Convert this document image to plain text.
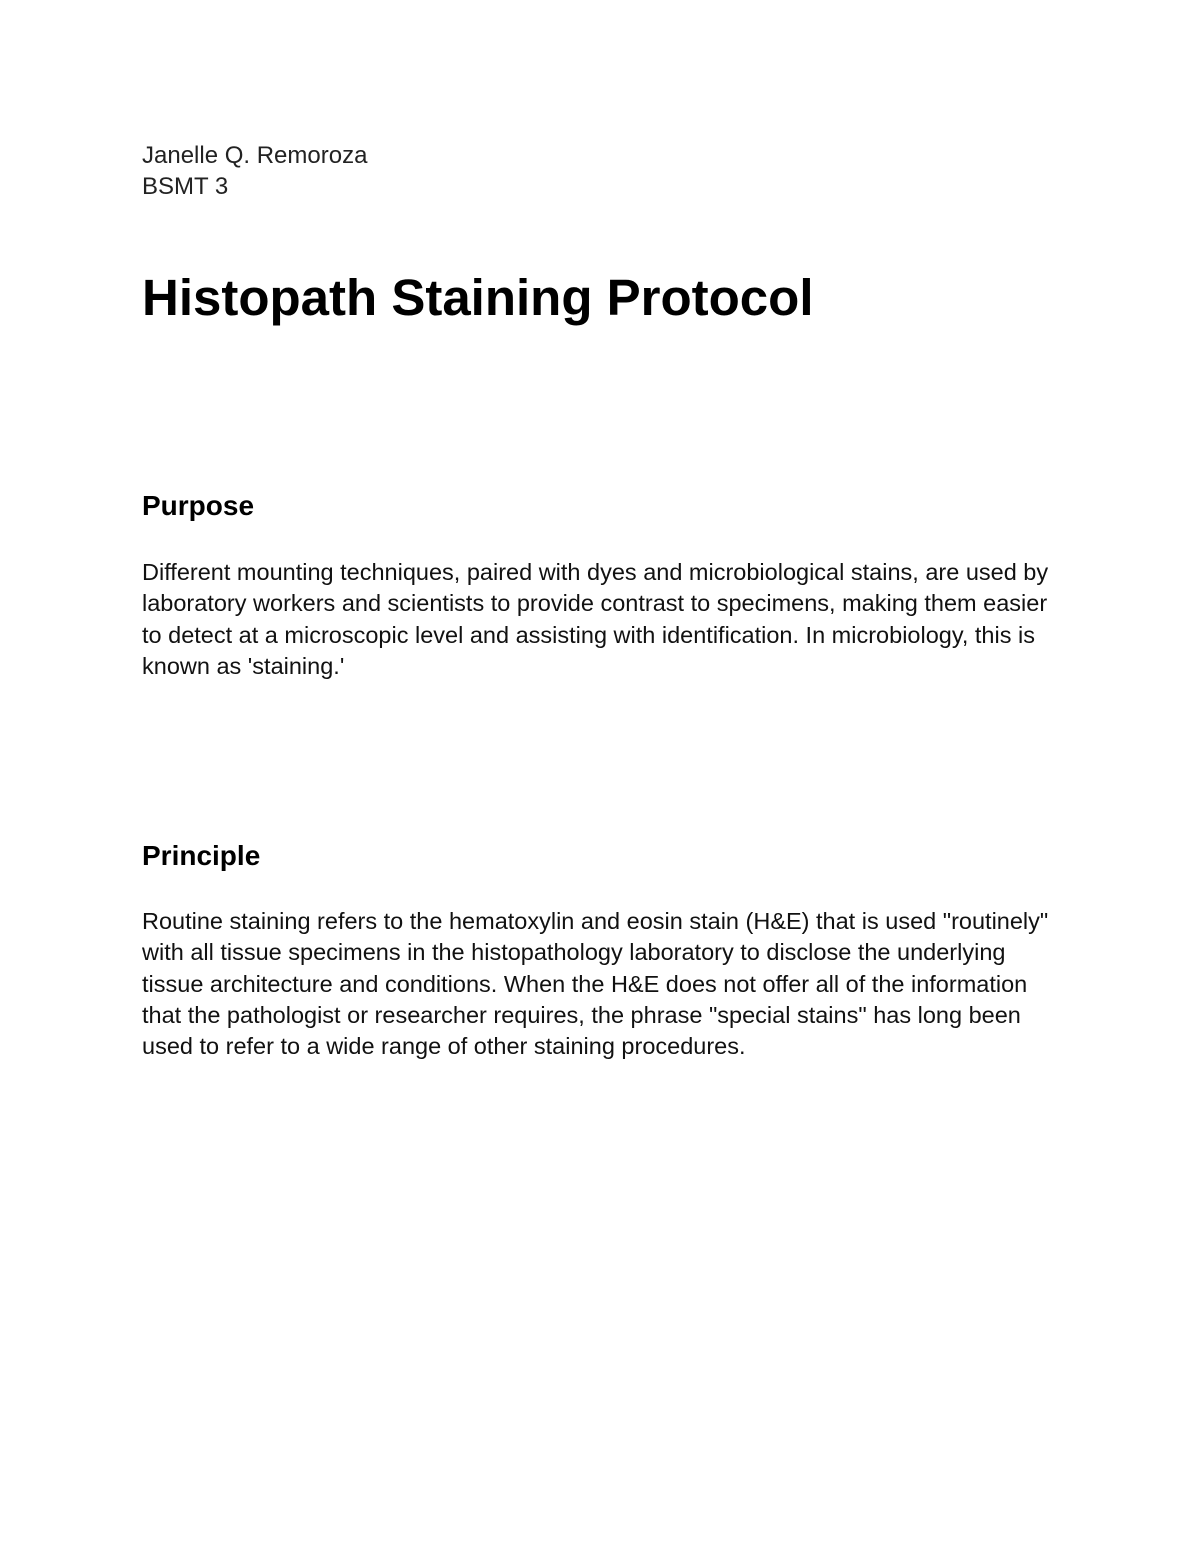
Janelle Q. Remoroza
BSMT 3
Histopath Staining Protocol
Purpose
Different mounting techniques, paired with dyes and microbiological stains, are used by
laboratory workers and scientists to provide contrast to specimens, making them easier
to detect at a microscopic level and assisting with identification. In microbiology, this is
known as 'staining.'
Principle
Routine staining refers to the hematoxylin and eosin stain (H&E) that is used "routinely"
with all tissue specimens in the histopathology laboratory to disclose the underlying
tissue architecture and conditions. When the H&E does not offer all of the information
that the pathologist or researcher requires, the phrase "special stains" has long been
used to refer to a wide range of other staining procedures.
